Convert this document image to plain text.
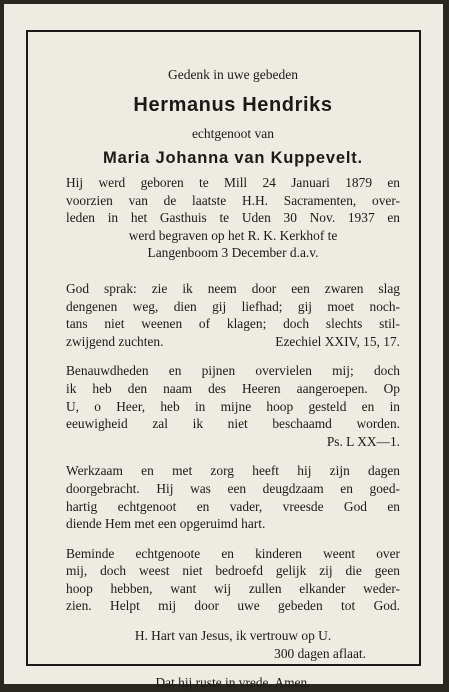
Gedenk in uwe gebeden

Hermanus Hendriks

echtgenoot van

Maria Johanna van Kuppevelt.

Hij werd geboren te Mill 24 Januari 1879 en

voorzien van de laatste H.H. Sacramenten, over-

leden in het Gasthuis te Uden 30 Nov. 1937 en

werd begraven op het R. K. Kerkhof te

Langenboom 3 December d.a.v.

God sprak: zie ik neem door een zwaren slag

dengenen weg, dien gij liefhad; gij moet noch-

tans niet weenen of klagen; doch slechts stil-

zwijgend zuchten.	Ezechiel XXIV, 15, 17.

Benauwdheden en pijnen overvielen mij; doch

ik heb den naam des Heeren aangeroepen. Op

U, o Heer, heb in mijne hoop gesteld en in

eeuwigheid zal ik niet beschaamd worden.

Ps. L XX—1.

Werkzaam en met zorg heeft hij zijn dagen

doorgebracht. Hij was een deugdzaam en goed-

hartig echtgenoot en vader, vreesde God en

diende Hem met een opgeruimd hart.

Beminde echtgenoote en kinderen weent over

mij, doch weest niet bedroefd gelijk zij die geen

hoop hebben, want wij zullen elkander weder-

zien. Helpt mij door uwe gebeden tot God.

H. Hart van Jesus, ik vertrouw op U.

300 dagen aflaat.

Dat hij ruste in vrede. Amen.
